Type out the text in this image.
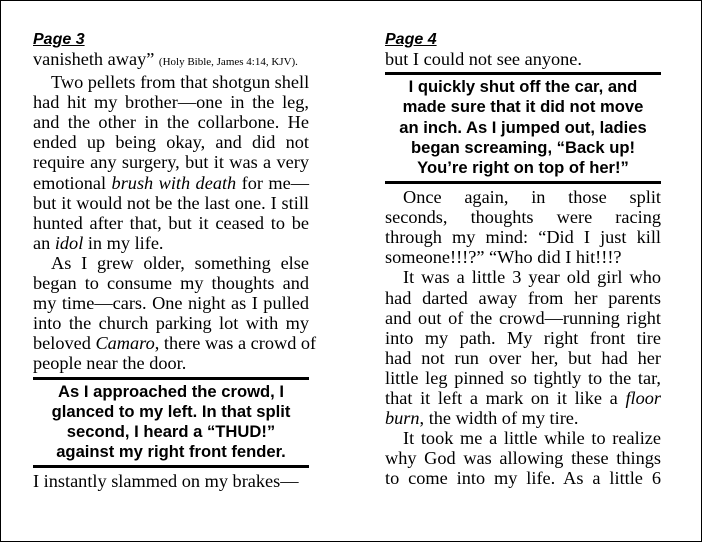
Page 3

vanisheth away” (Holy Bible, James 4:14, KJV).

Two pellets from that shotgun shell
had hit my brother—one in the leg,
and the other in the collarbone. He
ended up being okay, and did not
require any surgery, but it was a very
emotional brush with death for me—
but it would not be the last one. I still
hunted after that, but it ceased to be
an idol in my life.

As I grew older, something else
began to consume my thoughts and
my time—cars. One night as I pulled
into the church parking lot with my
beloved Camaro, there was a crowd of
people near the door.

As I approached the crowd, I
glanced to my left. In that split
second, I heard a “THUD!”
against my right front fender.

I instantly slammed on my brakes—

Page 4

but I could not see anyone.

I quickly shut off the car, and
made sure that it did not move
an inch. As I jumped out, ladies
began screaming, “Back up!
You’re right on top of her!”

Once again, in those split
seconds, thoughts were racing
through my mind: “Did I just kill
someone!!!?” “Who did I hit!!!?

It was a little 3 year old girl who
had darted away from her parents
and out of the crowd—running right
into my path. My right front tire
had not run over her, but had her
little leg pinned so tightly to the tar,
that it left a mark on it like a floor
burn, the width of my tire.

It took me a little while to realize
why God was allowing these things
to come into my life. As a little 6
